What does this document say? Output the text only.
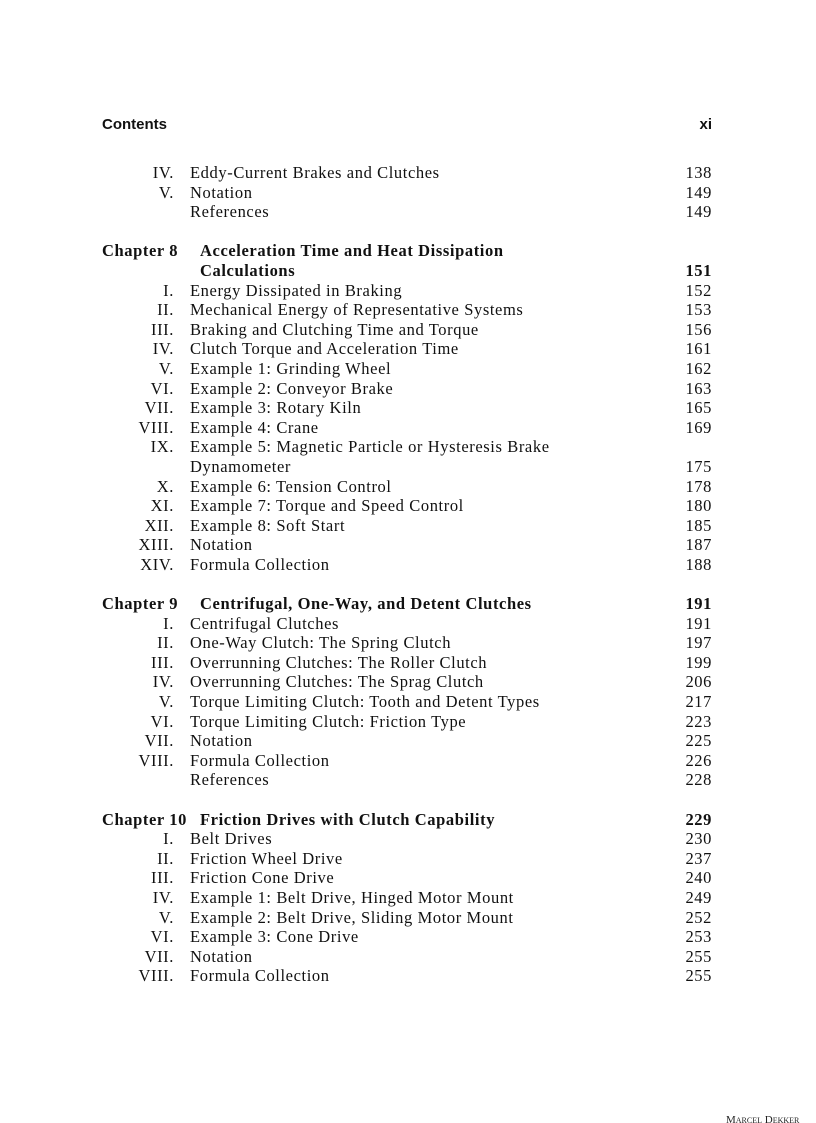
Contents	xi
IV. Eddy-Current Brakes and Clutches	138
V. Notation	149
References	149
Chapter 8 Acceleration Time and Heat Dissipation
Calculations	151
I. Energy Dissipated in Braking	152
II. Mechanical Energy of Representative Systems	153
III. Braking and Clutching Time and Torque	156
IV. Clutch Torque and Acceleration Time	161
V. Example 1: Grinding Wheel	162
VI. Example 2: Conveyor Brake	163
VII. Example 3: Rotary Kiln	165
VIII. Example 4: Crane	169
IX. Example 5: Magnetic Particle or Hysteresis Brake
Dynamometer	175
X. Example 6: Tension Control	178
XI. Example 7: Torque and Speed Control	180
XII. Example 8: Soft Start	185
XIII. Notation	187
XIV. Formula Collection	188
Chapter 9 Centrifugal, One-Way, and Detent Clutches	191
I. Centrifugal Clutches	191
II. One-Way Clutch: The Spring Clutch	197
III. Overrunning Clutches: The Roller Clutch	199
IV. Overrunning Clutches: The Sprag Clutch	206
V. Torque Limiting Clutch: Tooth and Detent Types	217
VI. Torque Limiting Clutch: Friction Type	223
VII. Notation	225
VIII. Formula Collection	226
References	228
Chapter 10 Friction Drives with Clutch Capability	229
I. Belt Drives	230
II. Friction Wheel Drive	237
III. Friction Cone Drive	240
IV. Example 1: Belt Drive, Hinged Motor Mount	249
V. Example 2: Belt Drive, Sliding Motor Mount	252
VI. Example 3: Cone Drive	253
VII. Notation	255
VIII. Formula Collection	255
Marcel Dekker
